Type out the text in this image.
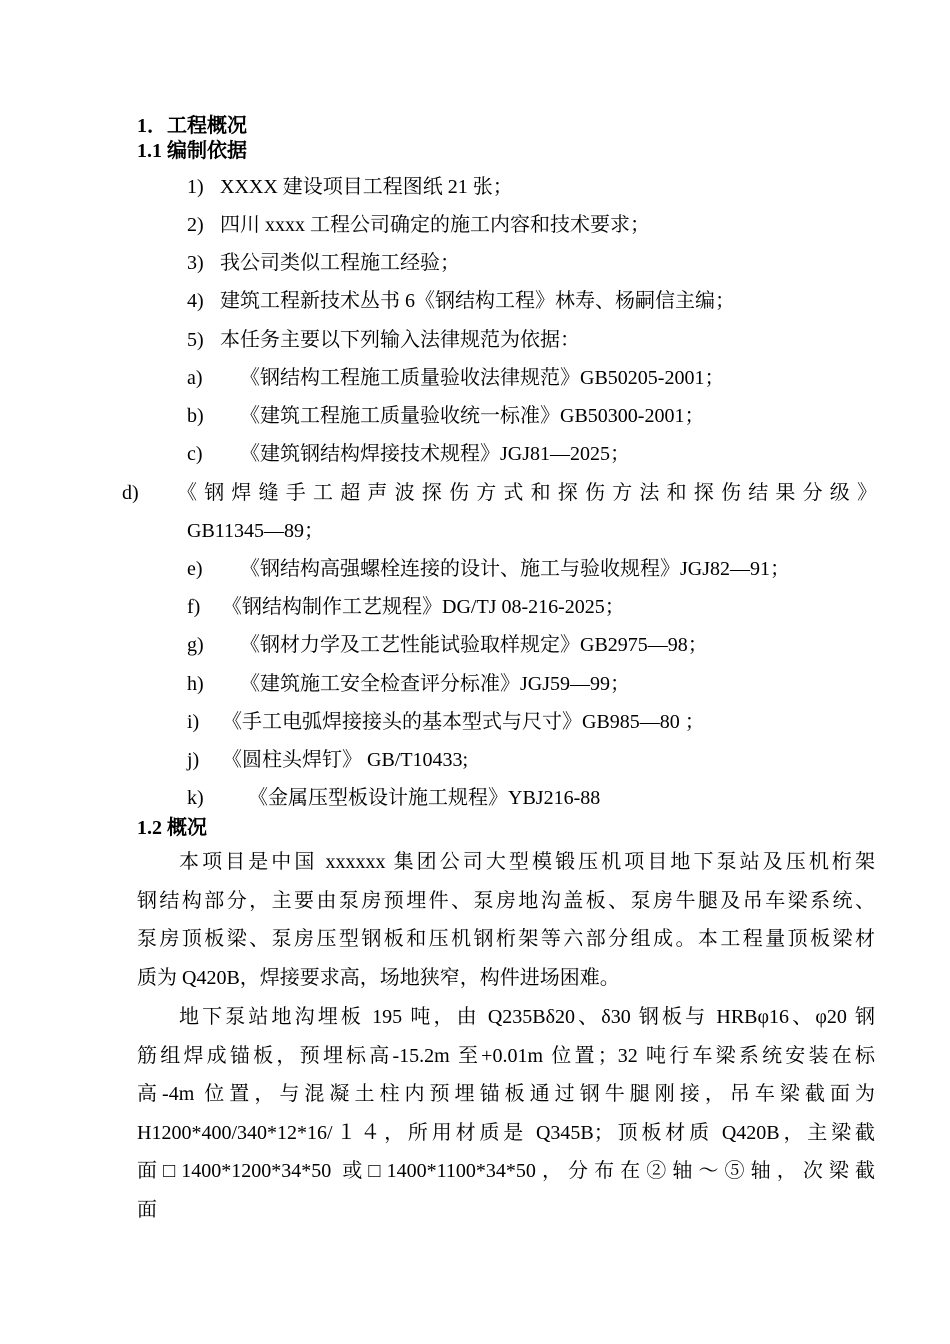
1．工程概况
1.1 编制依据
1) XXXX 建设项目工程图纸 21 张；
2) 四川 xxxx 工程公司确定的施工内容和技术要求；
3) 我公司类似工程施工经验；
4) 建筑工程新技术丛书 6《钢结构工程》林寿、杨嗣信主编；
5) 本任务主要以下列输入法律规范为依据：
a) 《钢结构工程施工质量验收法律规范》GB50205-2001；
b) 《建筑工程施工质量验收统一标准》GB50300-2001；
c) 《建筑钢结构焊接技术规程》JGJ81—2025；
d) 《钢焊缝手工超声波探伤方式和探伤方法和探伤结果分级》
GB11345—89；
e) 《钢结构高强螺栓连接的设计、施工与验收规程》JGJ82—91；
f) 《钢结构制作工艺规程》DG/TJ 08-216-2025；
g) 《钢材力学及工艺性能试验取样规定》GB2975—98；
h) 《建筑施工安全检查评分标准》JGJ59—99；
i) 《手工电弧焊接接头的基本型式与尺寸》GB985—80 ；
j) 《圆柱头焊钉》 GB/T10433;
k) 《金属压型板设计施工规程》YBJ216-88
1.2 概况
本项目是中国 xxxxxx 集团公司大型模锻压机项目地下泵站及压机桁架
钢结构部分，主要由泵房预埋件、泵房地沟盖板、泵房牛腿及吊车梁系统、
泵房顶板梁、泵房压型钢板和压机钢桁架等六部分组成。本工程量顶板梁材
质为 Q420B，焊接要求高，场地狭窄，构件进场困难。
地下泵站地沟埋板 195 吨，由 Q235Bδ20、δ30 钢板与 HRBφ16、φ20 钢
筋组焊成锚板，预埋标高-15.2m 至+0.01m 位置；32 吨行车梁系统安装在标
高-4m 位置，与混凝土柱内预埋锚板通过钢牛腿刚接，吊车梁截面为
H1200*400/340*12*16/１４，所用材质是 Q345B；顶板材质 Q420B，主梁截
面□1400*1200*34*50 或□1400*1100*34*50，分布在②轴～⑤轴，次梁截
面
